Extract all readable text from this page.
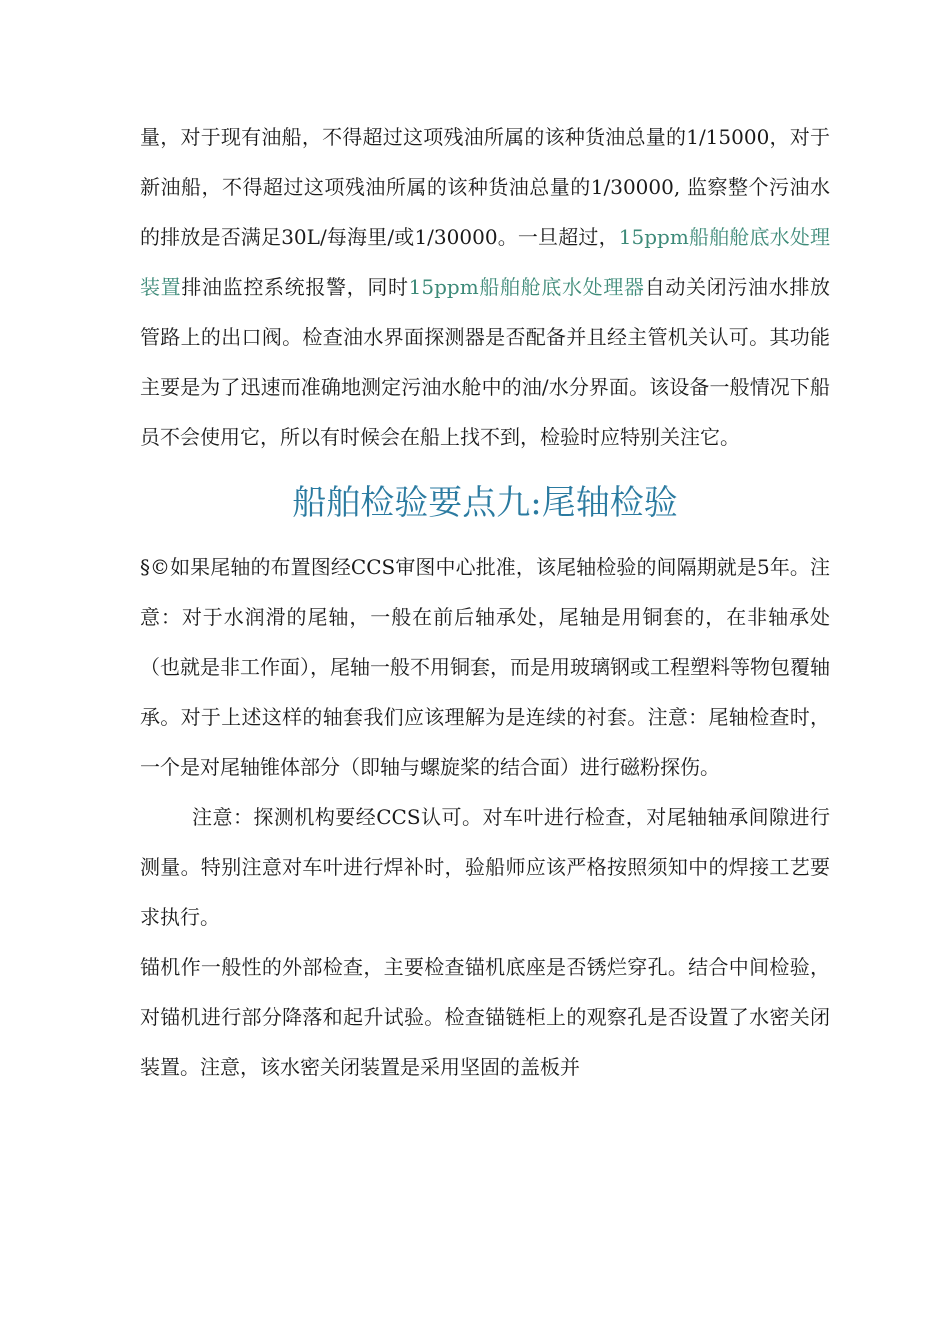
量，对于现有油船，不得超过这项残油所属的该种货油总量的1/15000，对于新油船，不得超过这项残油所属的该种货油总量的1/30000, 监察整个污油水的排放是否满足30L/每海里/或1/30000。一旦超过，15ppm船舶舱底水处理装置排油监控系统报警，同时15ppm船舶舱底水处理器自动关闭污油水排放管路上的出口阀。检查油水界面探测器是否配备并且经主管机关认可。其功能主要是为了迅速而准确地测定污油水舱中的油/水分界面。该设备一般情况下船员不会使用它，所以有时候会在船上找不到，检验时应特别关注它。

船舶检验要点九:尾轴检验

§©如果尾轴的布置图经CCS审图中心批准，该尾轴检验的间隔期就是5年。注意：对于水润滑的尾轴，一般在前后轴承处，尾轴是用铜套的，在非轴承处（也就是非工作面），尾轴一般不用铜套，而是用玻璃钢或工程塑料等物包覆轴承。对于上述这样的轴套我们应该理解为是连续的衬套。注意：尾轴检查时，一个是对尾轴锥体部分（即轴与螺旋桨的结合面）进行磁粉探伤。

注意：探测机构要经CCS认可。对车叶进行检查，对尾轴轴承间隙进行测量。特别注意对车叶进行焊补时，验船师应该严格按照须知中的焊接工艺要求执行。

锚机作一般性的外部检查，主要检查锚机底座是否锈烂穿孔。结合中间检验，对锚机进行部分降落和起升试验。检查锚链柜上的观察孔是否设置了水密关闭装置。注意，该水密关闭装置是采用坚固的盖板并
